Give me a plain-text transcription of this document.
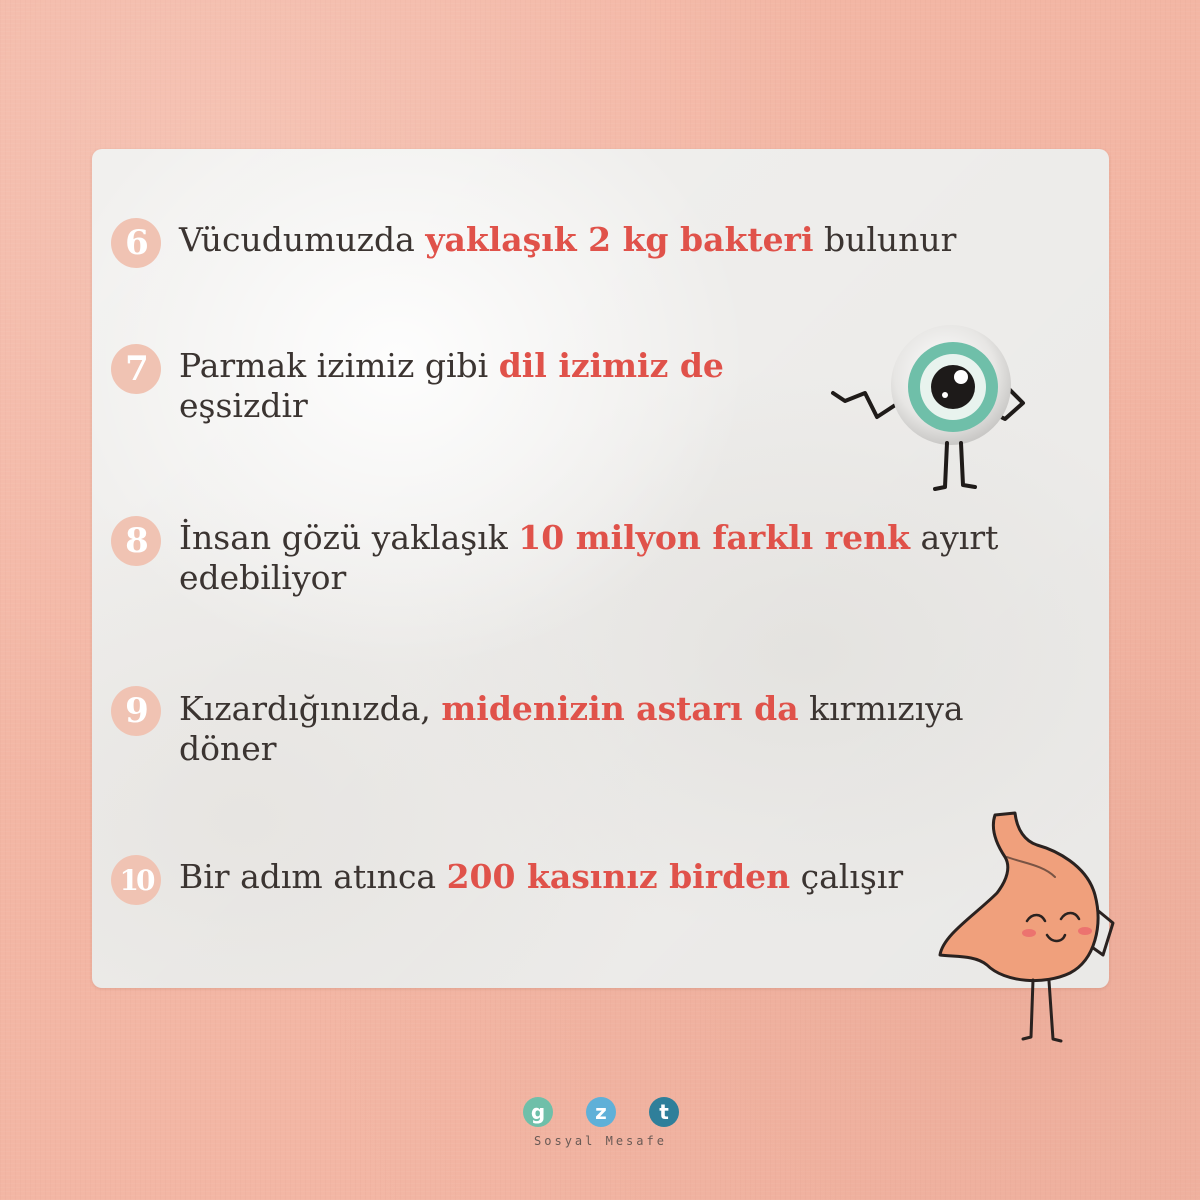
6 Vücudumuzda yaklaşık 2 kg bakteri bulunur
7 Parmak izimiz gibi dil izimiz de eşsizdir
8 İnsan gözü yaklaşık 10 milyon farklı renk ayırt edebiliyor
9 Kızardığınızda, midenizin astarı da kırmızıya döner
10 Bir adım atınca 200 kasınız birden çalışır
g	z	t
Sosyal Mesafe
